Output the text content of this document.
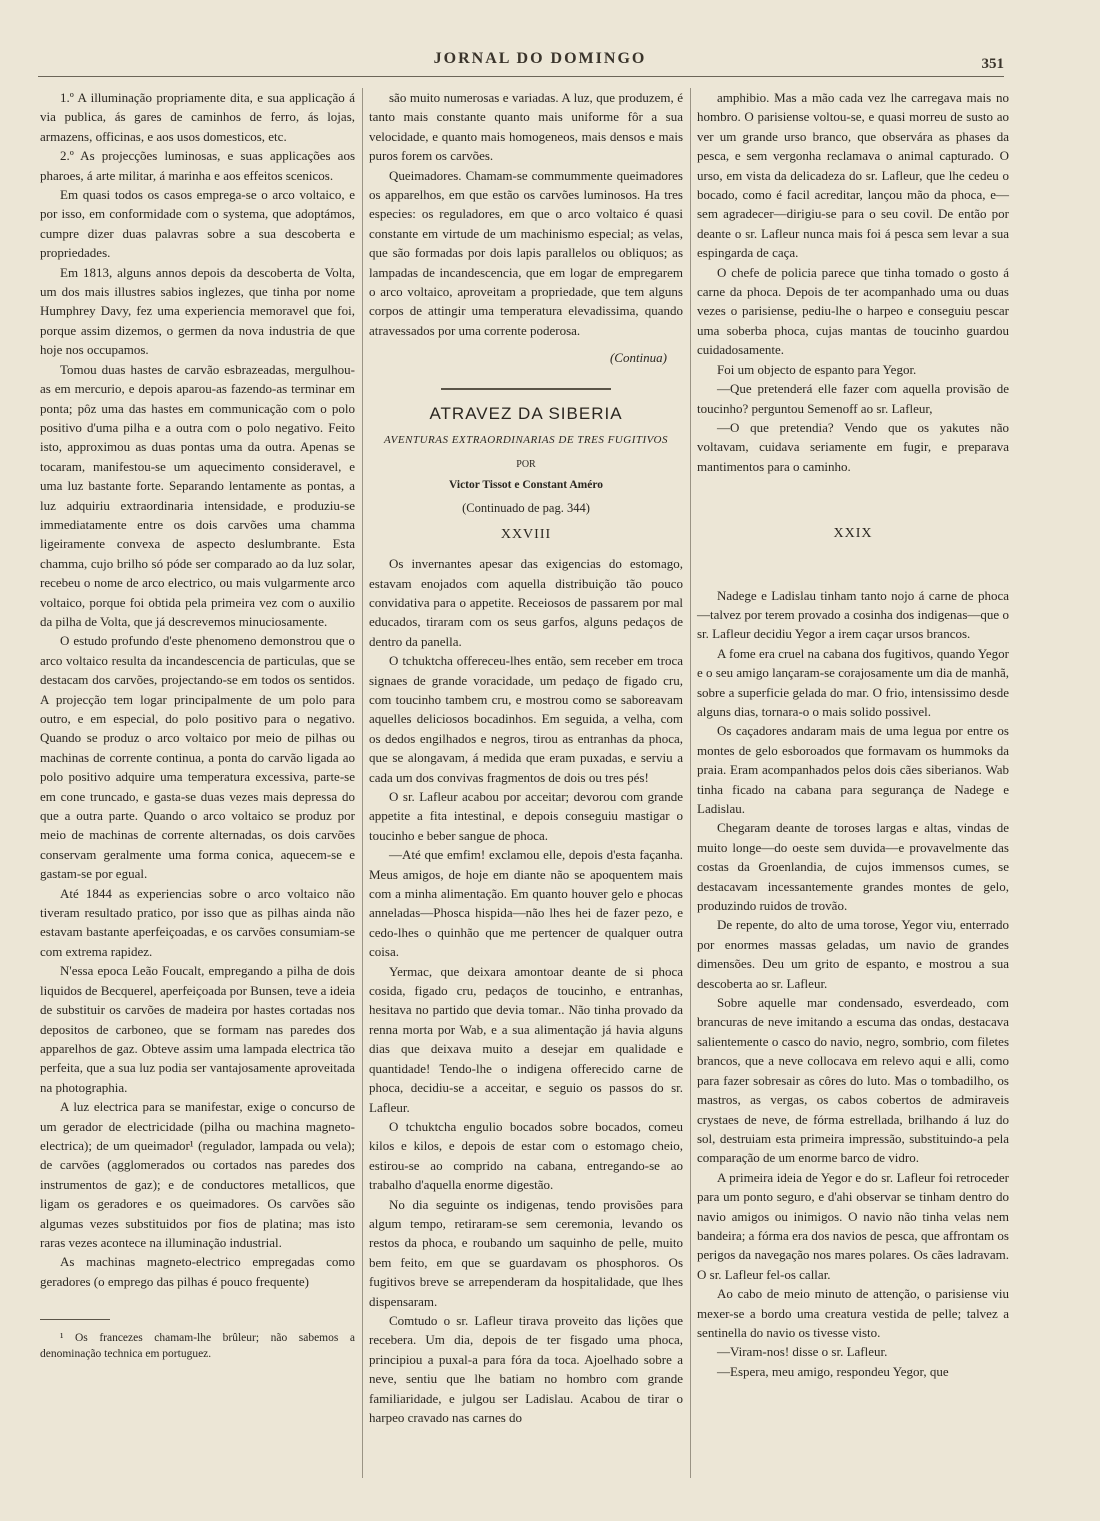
JORNAL DO DOMINGO	351

1.º A illuminação propriamente dita, e sua applicação á via publica, ás gares de caminhos de ferro, ás lojas, armazens, officinas, e aos usos domesticos, etc.

2.º As projecções luminosas, e suas applicações aos pharoes, á arte militar, á marinha e aos effeitos scenicos.

Em quasi todos os casos emprega-se o arco voltaico, e por isso, em conformidade com o systema, que adoptámos, cumpre dizer duas palavras sobre a sua descoberta e propriedades.

Em 1813, alguns annos depois da descoberta de Volta, um dos mais illustres sabios inglezes, que tinha por nome Humphrey Davy, fez uma experiencia memoravel que foi, porque assim dizemos, o germen da nova industria de que hoje nos occupamos.

Tomou duas hastes de carvão esbrazeadas, mergulhou-as em mercurio, e depois aparou-as fazendo-as terminar em ponta; pôz uma das hastes em communicação com o polo positivo d'uma pilha e a outra com o polo negativo. Feito isto, approximou as duas pontas uma da outra. Apenas se tocaram, manifestou-se um aquecimento consideravel, e uma luz bastante forte. Separando lentamente as pontas, a luz adquiriu extraordinaria intensidade, e produziu-se immediatamente entre os dois carvões uma chamma ligeiramente convexa de aspecto deslumbrante. Esta chamma, cujo brilho só póde ser comparado ao da luz solar, recebeu o nome de arco electrico, ou mais vulgarmente arco voltaico, porque foi obtida pela primeira vez com o auxilio da pilha de Volta, que já descrevemos minuciosamente.

O estudo profundo d'este phenomeno demonstrou que o arco voltaico resulta da incandescencia de particulas, que se destacam dos carvões, projectando-se em todos os sentidos. A projecção tem logar principalmente de um polo para outro, e em especial, do polo positivo para o negativo. Quando se produz o arco voltaico por meio de pilhas ou machinas de corrente continua, a ponta do carvão ligada ao polo positivo adquire uma temperatura excessiva, parte-se em cone truncado, e gasta-se duas vezes mais depressa do que a outra parte. Quando o arco voltaico se produz por meio de machinas de corrente alternadas, os dois carvões conservam geralmente uma forma conica, aquecem-se e gastam-se por egual.

Até 1844 as experiencias sobre o arco voltaico não tiveram resultado pratico, por isso que as pilhas ainda não estavam bastante aperfeiçoadas, e os carvões consumiam-se com extrema rapidez.

N'essa epoca Leão Foucalt, empregando a pilha de dois liquidos de Becquerel, aperfeiçoada por Bunsen, teve a ideia de substituir os carvões de madeira por hastes cortadas nos depositos de carboneo, que se formam nas paredes dos apparelhos de gaz. Obteve assim uma lampada electrica tão perfeita, que a sua luz podia ser vantajosamente aproveitada na photographia.

A luz electrica para se manifestar, exige o concurso de um gerador de electricidade (pilha ou machina magneto-electrica); de um queimador¹ (regulador, lampada ou vela); de carvões (agglomerados ou cortados nas paredes dos instrumentos de gaz); e de conductores metallicos, que ligam os geradores e os queimadores. Os carvões são algumas vezes substituidos por fios de platina; mas isto raras vezes acontece na illuminação industrial.

As machinas magneto-electrico empregadas como geradores (o emprego das pilhas é pouco frequente)

¹ Os francezes chamam-lhe brûleur; não sabemos a denominação technica em portuguez.

são muito numerosas e variadas. A luz, que produzem, é tanto mais constante quanto mais uniforme fôr a sua velocidade, e quanto mais homogeneos, mais densos e mais puros forem os carvões.

Queimadores. Chamam-se commummente queimadores os apparelhos, em que estão os carvões luminosos. Ha tres especies: os reguladores, em que o arco voltaico é quasi constante em virtude de um machinismo especial; as velas, que são formadas por dois lapis parallelos ou obliquos; as lampadas de incandescencia, que em logar de empregarem o arco voltaico, aproveitam a propriedade, que tem alguns corpos de attingir uma temperatura elevadissima, quando atravessados por uma corrente poderosa.

(Continua)
ATRAVEZ DA SIBERIA
AVENTURAS EXTRAORDINARIAS DE TRES FUGITIVOS
POR
Victor Tissot e Constant Améro
(Continuado de pag. 344)
XXVIII

Os invernantes apesar das exigencias do estomago, estavam enojados com aquella distribuição tão pouco convidativa para o appetite. Receiosos de passarem por mal educados, tiraram com os seus garfos, alguns pedaços de dentro da panella.

O tchuktcha offereceu-lhes então, sem receber em troca signaes de grande voracidade, um pedaço de figado cru, com toucinho tambem cru, e mostrou como se saboreavam aquelles deliciosos bocadinhos. Em seguida, a velha, com os dedos engilhados e negros, tirou as entranhas da phoca, que se alongavam, á medida que eram puxadas, e serviu a cada um dos convivas fragmentos de dois ou tres pés!

O sr. Lafleur acabou por acceitar; devorou com grande appetite a fita intestinal, e depois conseguiu mastigar o toucinho e beber sangue de phoca.

—Até que emfim! exclamou elle, depois d'esta façanha. Meus amigos, de hoje em diante não se apoquentem mais com a minha alimentação. Em quanto houver gelo e phocas anneladas—Phosca hispida—não lhes hei de fazer pezo, e cedo-lhes o quinhão que me pertencer de qualquer outra coisa.

Yermac, que deixara amontoar deante de si phoca cosida, figado cru, pedaços de toucinho, e entranhas, hesitava no partido que devia tomar.. Não tinha provado da renna morta por Wab, e a sua alimentação já havia alguns dias que deixava muito a desejar em qualidade e quantidade! Tendo-lhe o indigena offerecido carne de phoca, decidiu-se a acceitar, e seguio os passos do sr. Lafleur.

O tchuktcha engulio bocados sobre bocados, comeu kilos e kilos, e depois de estar com o estomago cheio, estirou-se ao comprido na cabana, entregando-se ao trabalho d'aquella enorme digestão.

No dia seguinte os indigenas, tendo provisões para algum tempo, retiraram-se sem ceremonia, levando os restos da phoca, e roubando um saquinho de pelle, muito bem feito, em que se guardavam os phosphoros. Os fugitivos breve se arrependeram da hospitalidade, que lhes dispensaram.

Comtudo o sr. Lafleur tirava proveito das lições que recebera. Um dia, depois de ter fisgado uma phoca, principiou a puxal-a para fóra da toca. Ajoelhado sobre a neve, sentiu que lhe batiam no hombro com grande familiaridade, e julgou ser Ladislau. Acabou de tirar o harpeo cravado nas carnes do

amphibio. Mas a mão cada vez lhe carregava mais no hombro. O parisiense voltou-se, e quasi morreu de susto ao ver um grande urso branco, que observára as phases da pesca, e sem vergonha reclamava o animal capturado. O urso, em vista da delicadeza do sr. Lafleur, que lhe cedeu o bocado, como é facil acreditar, lançou mão da phoca, e—sem agradecer—dirigiu-se para o seu covil. De então por deante o sr. Lafleur nunca mais foi á pesca sem levar a sua espingarda de caça.

O chefe de policia parece que tinha tomado o gosto á carne da phoca. Depois de ter acompanhado uma ou duas vezes o parisiense, pediu-lhe o harpeo e conseguiu pescar uma soberba phoca, cujas mantas de toucinho guardou cuidadosamente.

Foi um objecto de espanto para Yegor.

—Que pretenderá elle fazer com aquella provisão de toucinho? perguntou Semenoff ao sr. Lafleur,

—O que pretendia? Vendo que os yakutes não voltavam, cuidava seriamente em fugir, e preparava mantimentos para o caminho.

XXIX

Nadege e Ladislau tinham tanto nojo á carne de phoca—talvez por terem provado a cosinha dos indigenas—que o sr. Lafleur decidiu Yegor a irem caçar ursos brancos.

A fome era cruel na cabana dos fugitivos, quando Yegor e o seu amigo lançaram-se corajosamente um dia de manhã, sobre a superficie gelada do mar. O frio, intensissimo desde alguns dias, tornara-o o mais solido possivel.

Os caçadores andaram mais de uma legua por entre os montes de gelo esboroados que formavam os hummoks da praia. Eram acompanhados pelos dois cães siberianos. Wab tinha ficado na cabana para segurança de Nadege e Ladislau.

Chegaram deante de toroses largas e altas, vindas de muito longe—do oeste sem duvida—e provavelmente das costas da Groenlandia, de cujos immensos cumes, se destacavam incessantemente grandes montes de gelo, produzindo ruidos de trovão.

De repente, do alto de uma torose, Yegor viu, enterrado por enormes massas geladas, um navio de grandes dimensões. Deu um grito de espanto, e mostrou a sua descoberta ao sr. Lafleur.

Sobre aquelle mar condensado, esverdeado, com brancuras de neve imitando a escuma das ondas, destacava salientemente o casco do navio, negro, sombrio, com filetes brancos, que a neve collocava em relevo aqui e alli, como para fazer sobresair as côres do luto. Mas o tombadilho, os mastros, as vergas, os cabos cobertos de admiraveis crystaes de neve, de fórma estrellada, brilhando á luz do sol, destruiam esta primeira impressão, substituindo-a pela comparação de um enorme barco de vidro.

A primeira ideia de Yegor e do sr. Lafleur foi retroceder para um ponto seguro, e d'ahi observar se tinham dentro do navio amigos ou inimigos. O navio não tinha velas nem bandeira; a fórma era dos navios de pesca, que affrontam os perigos da navegação nos mares polares. Os cães ladravam. O sr. Lafleur fel-os callar.

Ao cabo de meio minuto de attenção, o parisiense viu mexer-se a bordo uma creatura vestida de pelle; talvez a sentinella do navio os tivesse visto.

—Viram-nos! disse o sr. Lafleur.

—Espera, meu amigo, respondeu Yegor, que
